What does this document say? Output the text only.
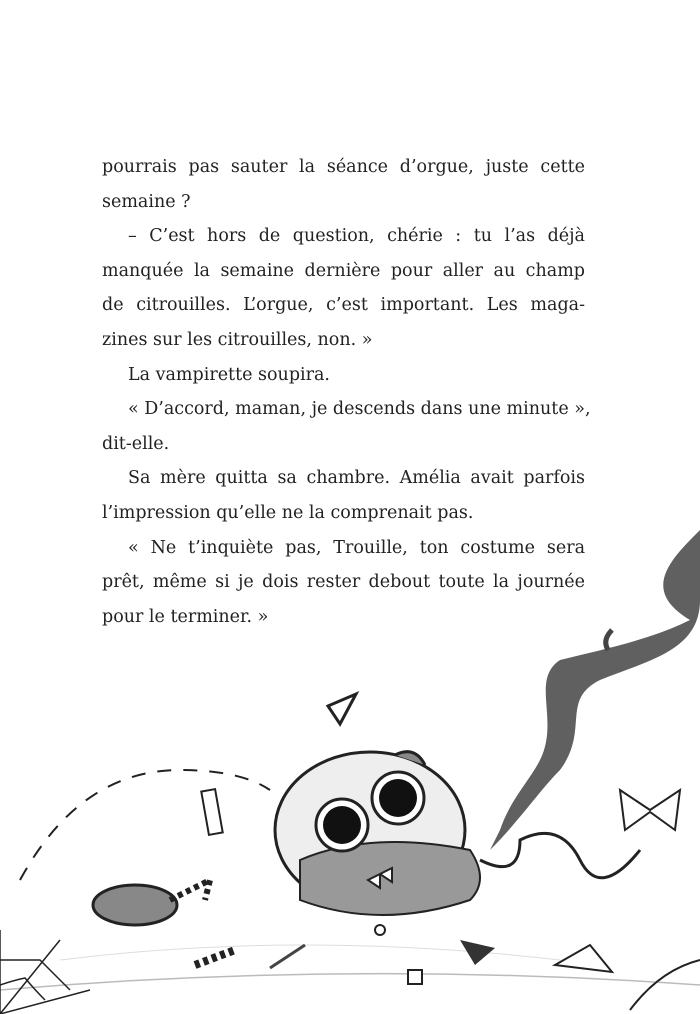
pourrais pas sauter la séance d’orgue, juste cette
semaine ?
– C’est hors de question, chérie : tu l’as déjà
manquée la semaine dernière pour aller au champ
de citrouilles. L’orgue, c’est important. Les maga-
zines sur les citrouilles, non. »
La vampirette soupira.
« D’accord, maman, je descends dans une minute »,
dit-elle.
Sa mère quitta sa chambre. Amélia avait parfois
l’impression qu’elle ne la comprenait pas.
« Ne t’inquiète pas, Trouille, ton costume sera
prêt, même si je dois rester debout toute la journée
pour le terminer. »
